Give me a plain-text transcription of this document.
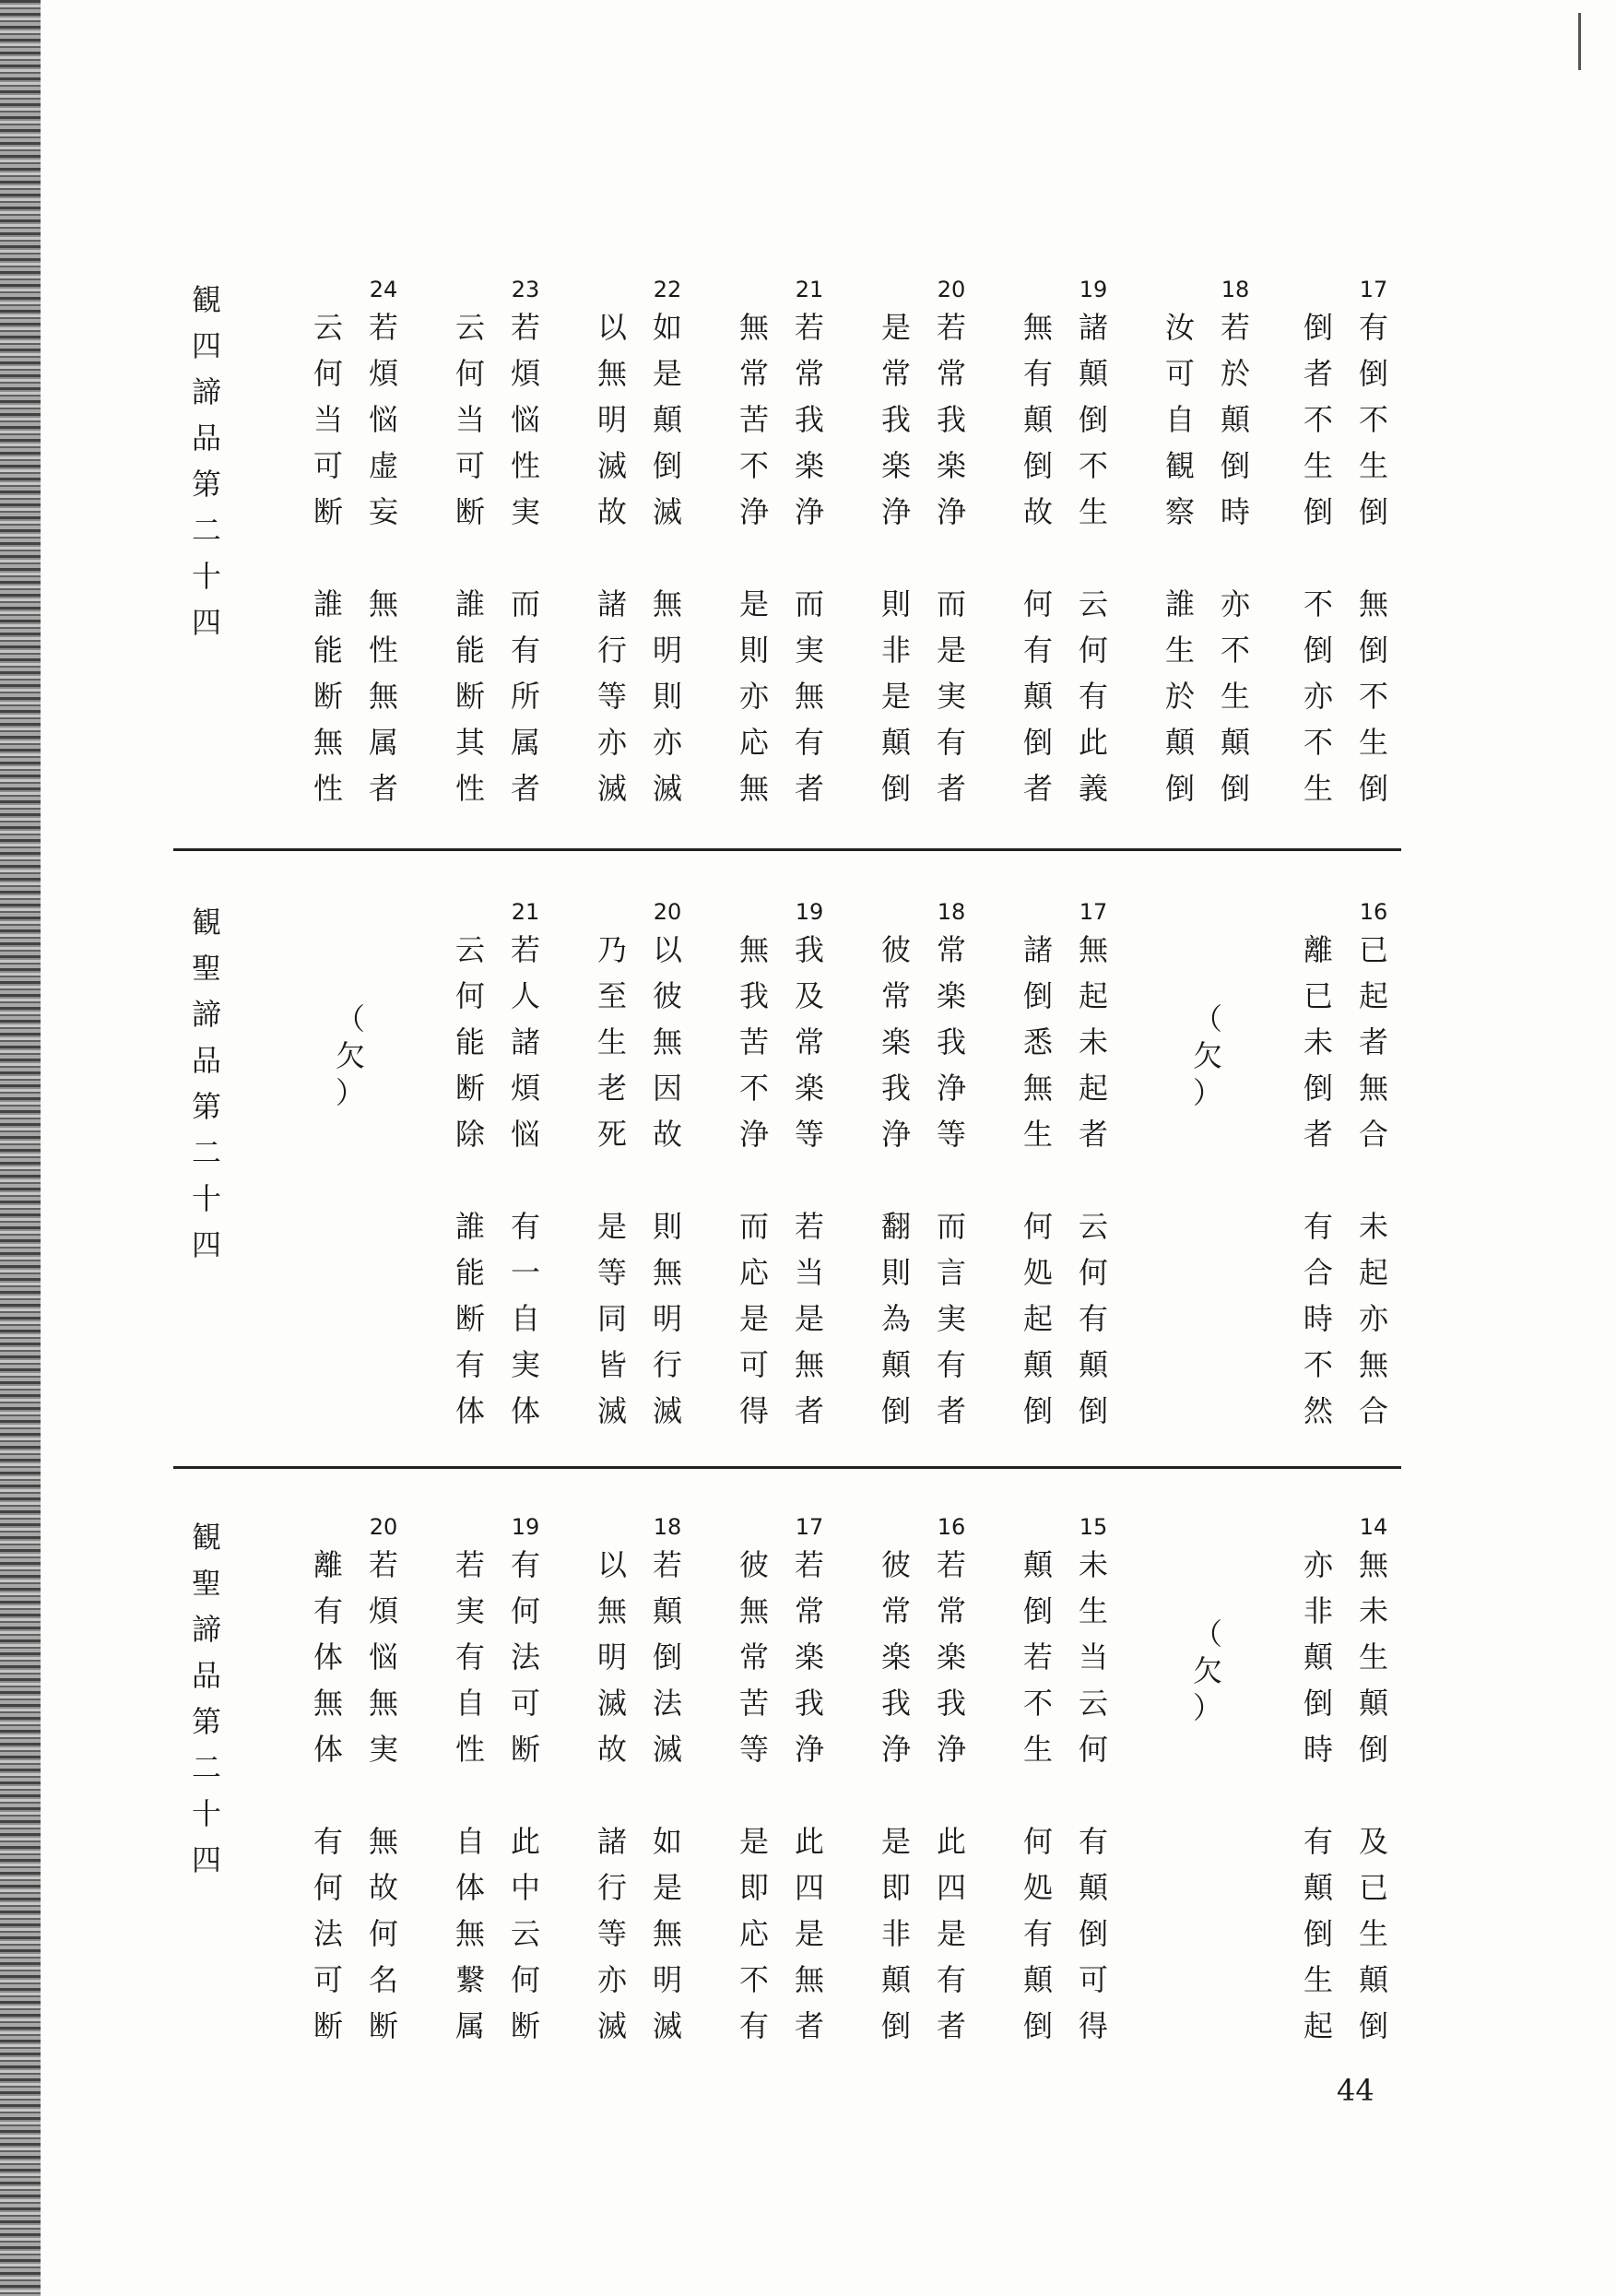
観
四
諦
品
第
二
十
四
17
有
倒
不
生
倒
倒
者
不
生
倒
無
倒
不
生
倒
不
倒
亦
不
生
18
若
於
顛
倒
時
汝
可
自
観
察
亦
不
生
顛
倒
誰
生
於
顛
倒
19
諸
顛
倒
不
生
無
有
顛
倒
故
云
何
有
此
義
何
有
顛
倒
者
20
若
常
我
楽
浄
是
常
我
楽
浄
而
是
実
有
者
則
非
是
顛
倒
21
若
常
我
楽
浄
無
常
苦
不
浄
而
実
無
有
者
是
則
亦
応
無
22
如
是
顛
倒
滅
以
無
明
滅
故
無
明
則
亦
滅
諸
行
等
亦
滅
23
若
煩
悩
性
実
云
何
当
可
断
而
有
所
属
者
誰
能
断
其
性
24
若
煩
悩
虚
妄
云
何
当
可
断
無
性
無
属
者
誰
能
断
無
性
観
聖
諦
品
第
二
十
四
16
已
起
者
無
合
離
已
未
倒
者
未
起
亦
無
合
有
合
時
不
然
（
欠
）
17
無
起
未
起
者
諸
倒
悉
無
生
云
何
有
顛
倒
何
処
起
顛
倒
18
常
楽
我
浄
等
彼
常
楽
我
浄
而
言
実
有
者
翻
則
為
顛
倒
19
我
及
常
楽
等
無
我
苦
不
浄
若
当
是
無
者
而
応
是
可
得
20
以
彼
無
因
故
乃
至
生
老
死
則
無
明
行
滅
是
等
同
皆
滅
21
若
人
諸
煩
悩
云
何
能
断
除
有
一
自
実
体
誰
能
断
有
体
（
欠
）
観
聖
諦
品
第
二
十
四
14
無
未
生
顛
倒
亦
非
顛
倒
時
及
已
生
顛
倒
有
顛
倒
生
起
（
欠
）
15
未
生
当
云
何
顛
倒
若
不
生
有
顛
倒
可
得
何
処
有
顛
倒
16
若
常
楽
我
浄
彼
常
楽
我
浄
此
四
是
有
者
是
即
非
顛
倒
17
若
常
楽
我
浄
彼
無
常
苦
等
此
四
是
無
者
是
即
応
不
有
18
若
顛
倒
法
滅
以
無
明
滅
故
如
是
無
明
滅
諸
行
等
亦
滅
19
有
何
法
可
断
若
実
有
自
性
此
中
云
何
断
自
体
無
繋
属
20
若
煩
悩
無
実
離
有
体
無
体
無
故
何
名
断
有
何
法
可
断
44
